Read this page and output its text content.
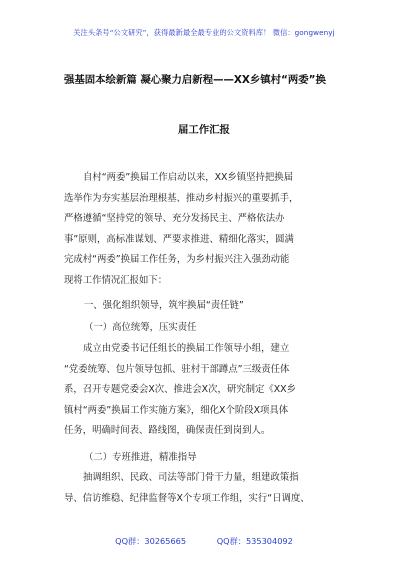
关注头条号“公文研究”，获得最新最全最专业的公文资料库！ 微信：gongwenyj
强基固本绘新篇 凝心聚力启新程——XX乡镇村“两委”换
届工作汇报
自村“两委”换届工作启动以来，XX乡镇坚持把换届
选举作为夯实基层治理根基、推动乡村振兴的重要抓手，
严格遵循“坚持党的领导、充分发扬民主、严格依法办
事”原则，高标准谋划、严要求推进、精细化落实，圆满
完成村“两委”换届工作任务，为乡村振兴注入强劲动能
现将工作情况汇报如下：
一、强化组织领导，筑牢换届“责任链”
（一）高位统筹，压实责任
成立由党委书记任组长的换届工作领导小组，建立
“党委统筹、包片领导包抓、驻村干部蹲点”三级责任体
系，召开专题党委会X次、推进会X次，研究制定《XX乡
镇村“两委”换届工作实施方案》，细化X个阶段X项具体
任务，明确时间表、路线图，确保责任到岗到人。
（二）专班推进，精准指导
抽调组织、民政、司法等部门骨干力量，组建政策指
导、信访维稳、纪律监督等X个专项工作组，实行“日调度、
QQ群：30265665	QQ群：535304092
